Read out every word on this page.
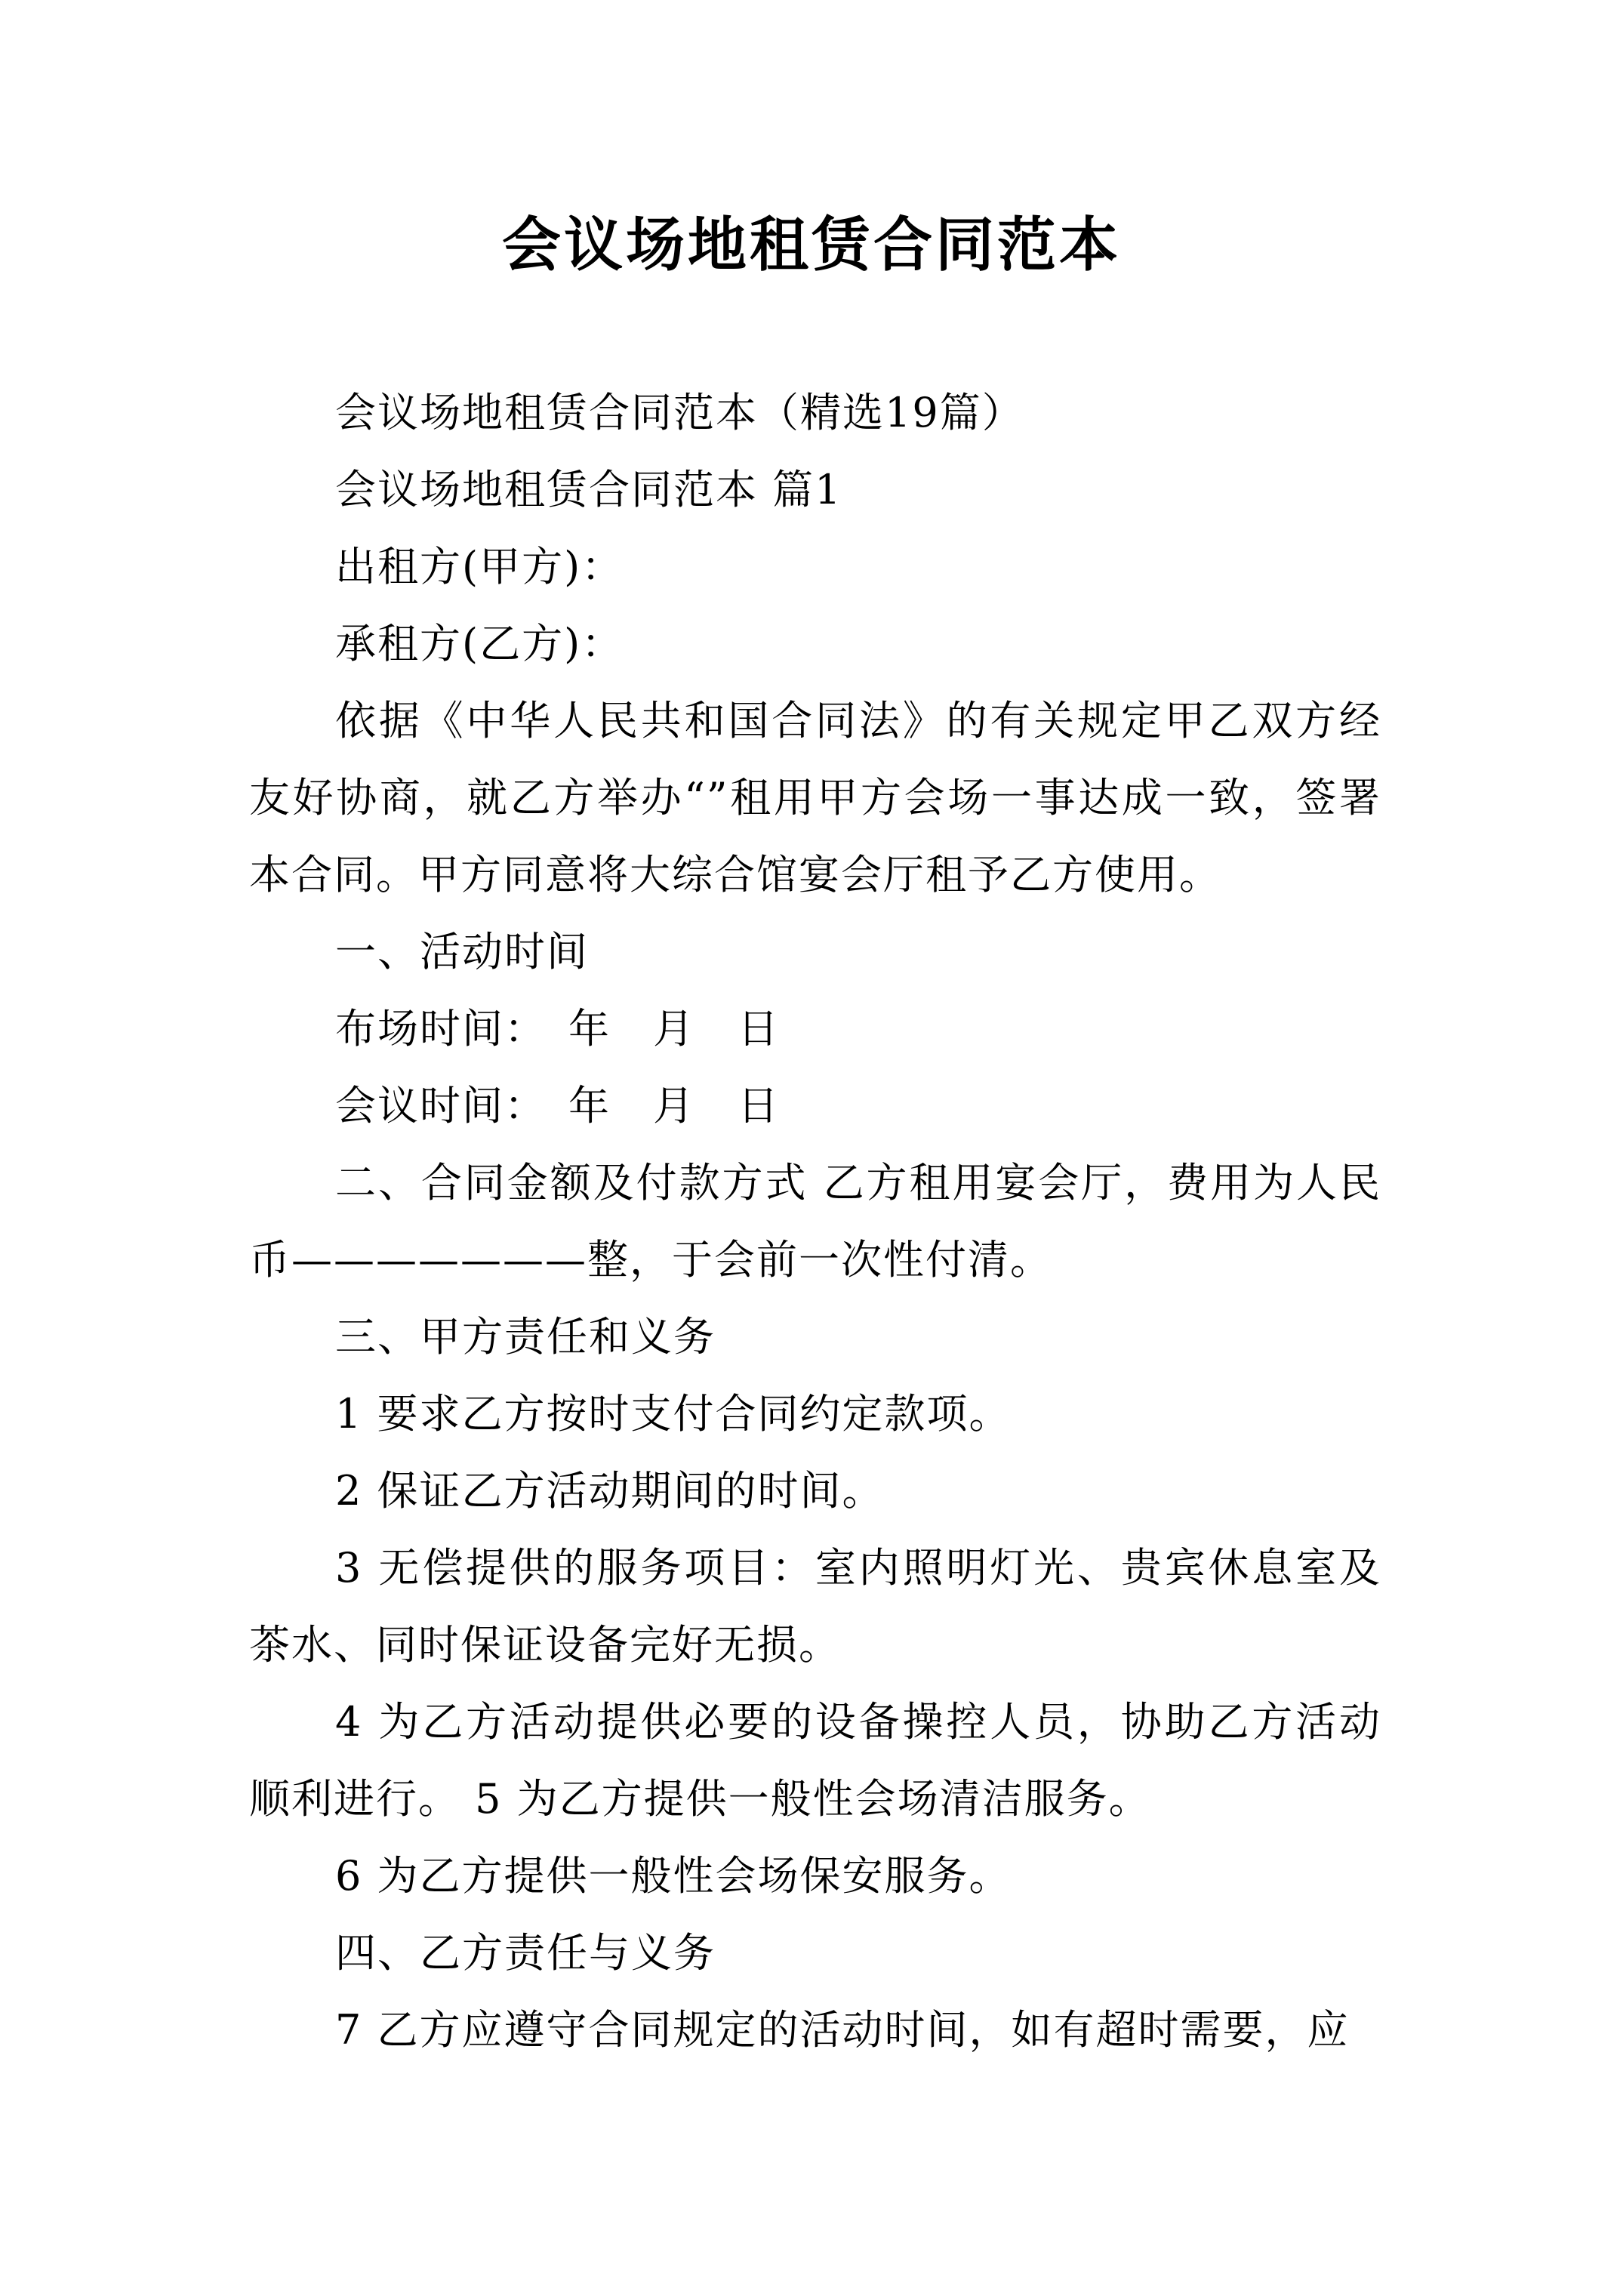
会议场地租赁合同范本

会议场地租赁合同范本（精选19篇）

会议场地租赁合同范本 篇1

出租方(甲方)：

承租方(乙方)：

依据《中华人民共和国合同法》的有关规定甲乙双方经友好协商，就乙方举办“”租用甲方会场一事达成一致，签署本合同。甲方同意将大综合馆宴会厅租予乙方使用。

一、活动时间

布场时间：　年　月　日

会议时间：　年　月　日

二、合同金额及付款方式 乙方租用宴会厅，费用为人民币———————整，于会前一次性付清。

三、甲方责任和义务

1 要求乙方按时支付合同约定款项。

2 保证乙方活动期间的时间。

3 无偿提供的服务项目：室内照明灯光、贵宾休息室及茶水、同时保证设备完好无损。

4 为乙方活动提供必要的设备操控人员，协助乙方活动顺利进行。 5 为乙方提供一般性会场清洁服务。

6 为乙方提供一般性会场保安服务。

四、乙方责任与义务

7 乙方应遵守合同规定的活动时间，如有超时需要，应
